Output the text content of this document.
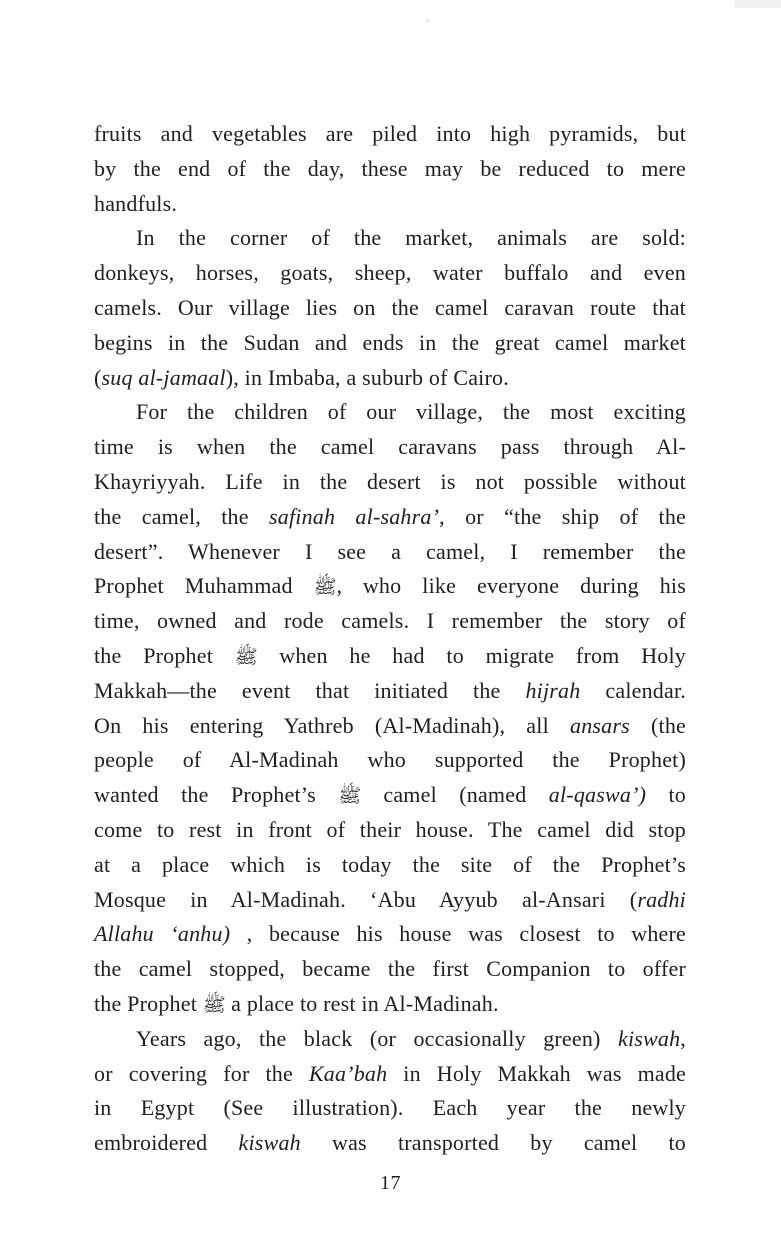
fruits and vegetables are piled into high pyramids, but
by the end of the day, these may be reduced to mere
handfuls.
In the corner of the market, animals are sold:
donkeys, horses, goats, sheep, water buffalo and even
camels. Our village lies on the camel caravan route that
begins in the Sudan and ends in the great camel market
(suq al-jamaal), in Imbaba, a suburb of Cairo.
For the children of our village, the most exciting
time is when the camel caravans pass through Al-
Khayriyyah. Life in the desert is not possible without
the camel, the safinah al-sahra’, or “the ship of the
desert”. Whenever I see a camel, I remember the
Prophet Muhammad ﷺ, who like everyone during his
time, owned and rode camels. I remember the story of
the Prophet ﷺ when he had to migrate from Holy
Makkah—the event that initiated the hijrah calendar.
On his entering Yathreb (Al-Madinah), all ansars (the
people of Al-Madinah who supported the Prophet)
wanted the Prophet’s ﷺ camel (named al-qaswa’) to
come to rest in front of their house. The camel did stop
at a place which is today the site of the Prophet’s
Mosque in Al-Madinah. ‘Abu Ayyub al-Ansari (radhi
Allahu ‘anhu) , because his house was closest to where
the camel stopped, became the first Companion to offer
the Prophet ﷺ a place to rest in Al-Madinah.
Years ago, the black (or occasionally green) kiswah,
or covering for the Kaa’bah in Holy Makkah was made
in Egypt (See illustration). Each year the newly
embroidered kiswah was transported by camel to
17
